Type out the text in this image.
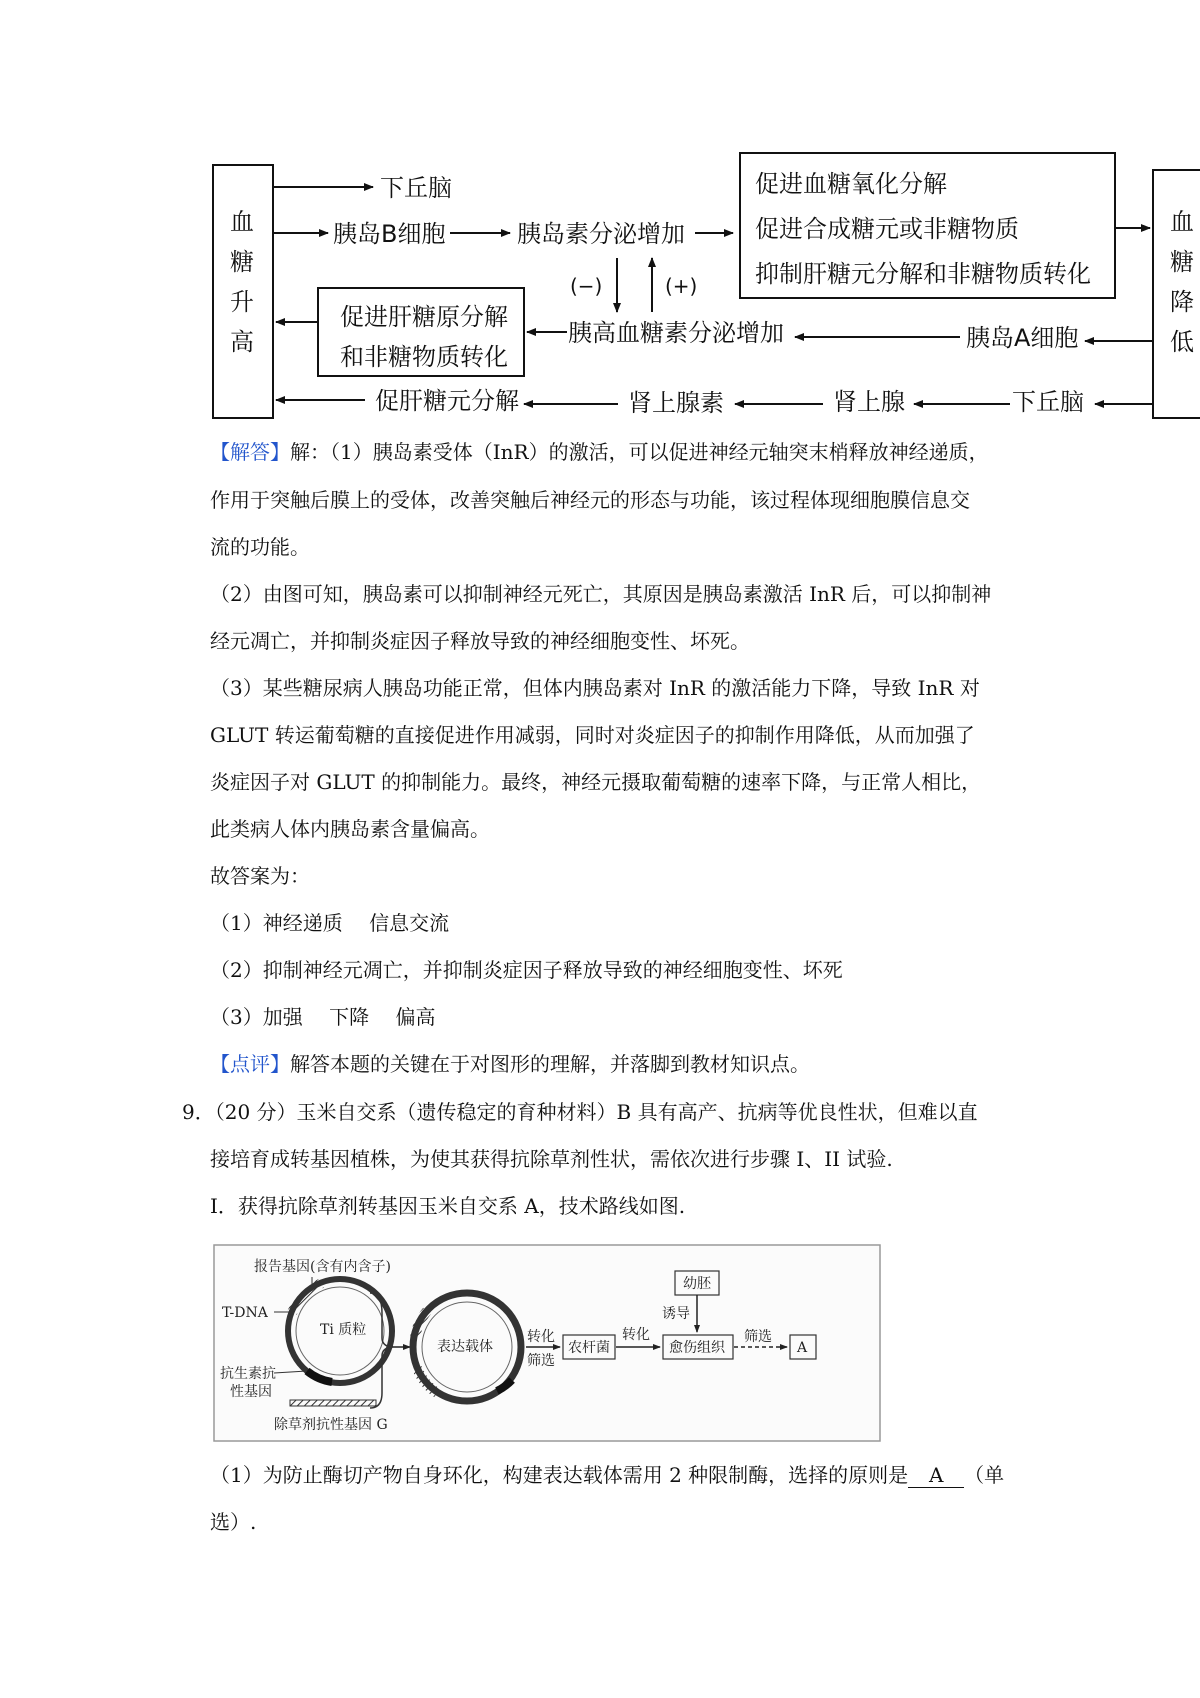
血
糖
升
高
血
糖
降
低
促进血糖氧化分解
促进合成糖元或非糖物质
抑制肝糖元分解和非糖物质转化
促进肝糖原分解
和非糖物质转化
下丘脑
胰岛B细胞	胰岛素分泌增加
(−)	(+)
胰高血糖素分泌增加	胰岛A细胞
促肝糖元分解	肾上腺素	肾上腺	下丘脑
【解答】解：（1）胰岛素受体（InR）的激活，可以促进神经元轴突末梢释放神经递质，
作用于突触后膜上的受体，改善突触后神经元的形态与功能，该过程体现细胞膜信息交
流的功能。
（2）由图可知，胰岛素可以抑制神经元死亡，其原因是胰岛素激活 InR 后，可以抑制神
经元凋亡，并抑制炎症因子释放导致的神经细胞变性、坏死。
（3）某些糖尿病人胰岛功能正常，但体内胰岛素对 InR 的激活能力下降，导致 InR 对
GLUT 转运葡萄糖的直接促进作用减弱，同时对炎症因子的抑制作用降低，从而加强了
炎症因子对 GLUT 的抑制能力。最终，神经元摄取葡萄糖的速率下降，与正常人相比，
此类病人体内胰岛素含量偏高。
故答案为：
（1）神经递质　 信息交流
（2）抑制神经元凋亡，并抑制炎症因子释放导致的神经细胞变性、坏死
（3）加强　 下降　 偏高
【点评】解答本题的关键在于对图形的理解，并落脚到教材知识点。
9．（20 分）玉米自交系（遗传稳定的育种材料）B 具有高产、抗病等优良性状，但难以直
接培育成转基因植株，为使其获得抗除草剂性状，需依次进行步骤 I、II 试验.
Ⅰ．获得抗除草剂转基因玉米自交系 A，技术路线如图.
报告基因(含有内含子)
Ti 质粒
T-DNA
抗生素抗
性基因
除草剂抗性基因 G
表达载体
转化
筛选
农杆菌
转化
幼胚
诱导
愈伤组织
筛选
A
（1）为防止酶切产物自身环化，构建表达载体需用 2 种限制酶，选择的原则是 A （单
选）.
